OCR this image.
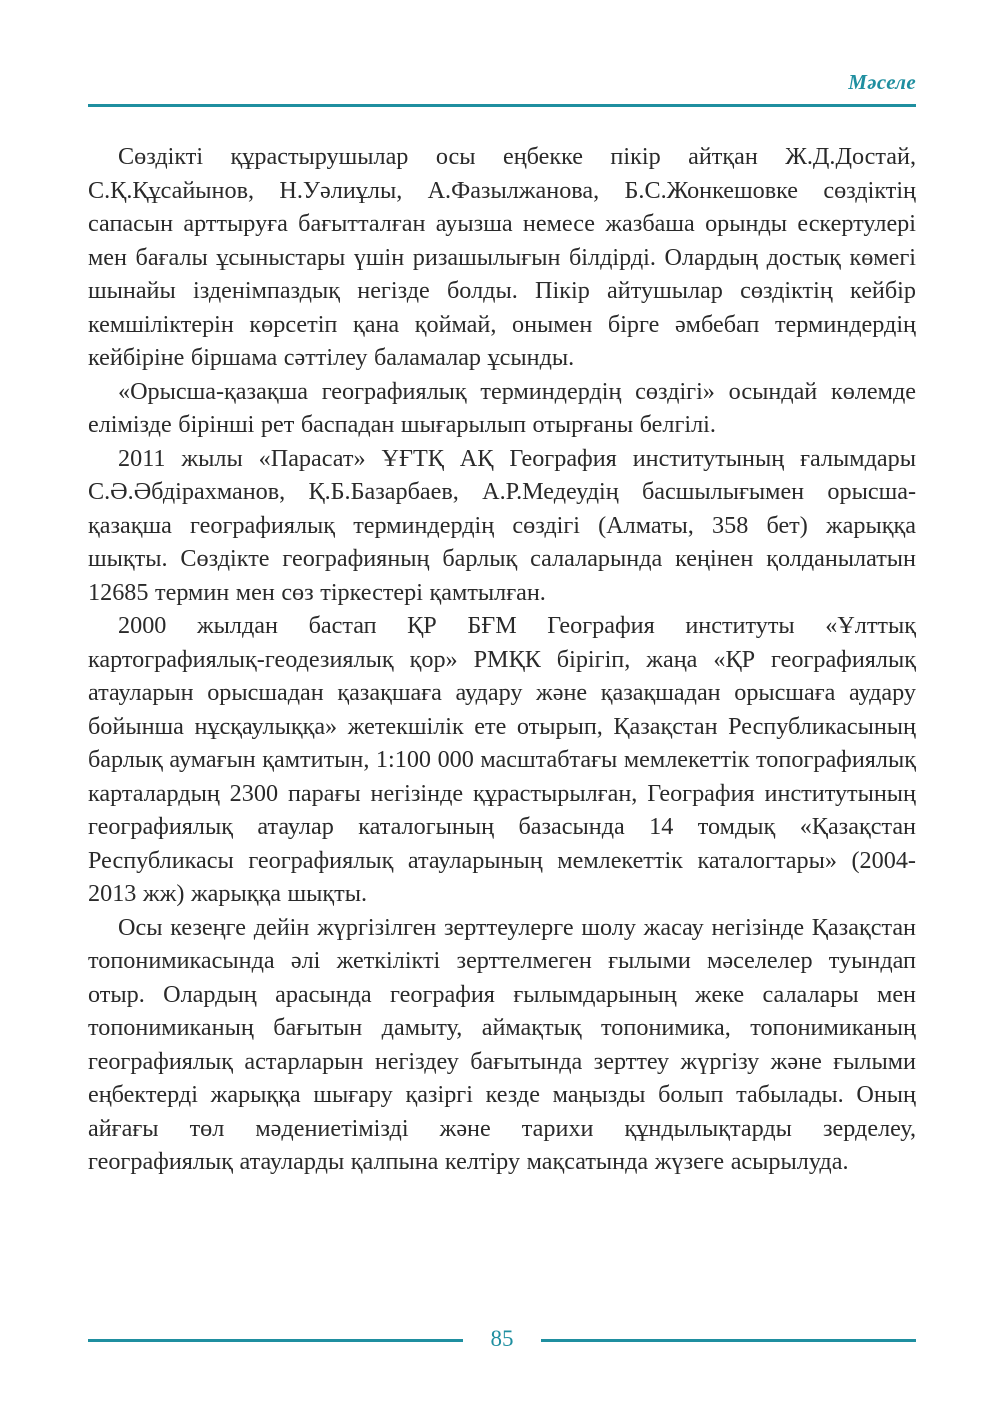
Мәселе

Сөздікті құрастырушылар осы еңбекке пікір айтқан Ж.Д.Достай, С.Қ.Құсайынов, Н.Уәлиұлы, А.Фазылжанова, Б.С.Жонкешовке сөздіктің сапасын арттыруға бағытталған ауызша немесе жазбаша орынды ескертулері мен бағалы ұсыныстары үшін ризашылығын білдірді. Олардың достық көмегі шынайы ізденімпаздық негізде болды. Пікір айтушылар сөздіктің кейбір кемшіліктерін көрсетіп қана қоймай, онымен бірге әмбебап терминдердің кейбіріне біршама сәттілеу баламалар ұсынды.

«Орысша-қазақша географиялық терминдердің сөздігі» осындай көлемде елімізде бірінші рет баспадан шығарылып отырғаны белгілі.

2011 жылы «Парасат» ҰҒТҚ АҚ География институтының ғалымдары С.Ә.Әбдірахманов, Қ.Б.Базарбаев, А.Р.Медеудің басшылығымен орысша-қазақша географиялық терминдердің сөздігі (Алматы, 358 бет) жарыққа шықты. Сөздікте географияның барлық салаларында кеңінен қолданылатын 12685 термин мен сөз тіркестері қамтылған.

2000 жылдан бастап ҚР БҒМ География институты «Ұлттық картографиялық-геодезиялық қор» РМҚК бірігіп, жаңа «ҚР географиялық атауларын орысшадан қазақшаға аудару және қазақшадан орысшаға аудару бойынша нұсқаулыққа» жетекшілік ете отырып, Қазақстан Республикасының барлық аумағын қамтитын, 1:100 000 масштабтағы мемлекеттік топографиялық карталардың 2300 парағы негізінде құрастырылған, География институтының географиялық атаулар каталогының базасында 14 томдық «Қазақстан Республикасы географиялық атауларының мемлекеттік каталогтары» (2004-2013 жж) жарыққа шықты.

Осы кезеңге дейін жүргізілген зерттеулерге шолу жасау негізінде Қазақстан топонимикасында әлі жеткілікті зерттелмеген ғылыми мәселелер туындап отыр. Олардың арасында география ғылымдарының жеке салалары мен топонимиканың бағытын дамыту, аймақтық топонимика, топонимиканың географиялық астарларын негіздеу бағытында зерттеу жүргізу және ғылыми еңбектерді жарыққа шығару қазіргі кезде маңызды болып табылады. Оның айғағы төл мәдениетімізді және тарихи құндылықтарды зерделеу, географиялық атауларды қалпына келтіру мақсатында жүзеге асырылуда.

85
